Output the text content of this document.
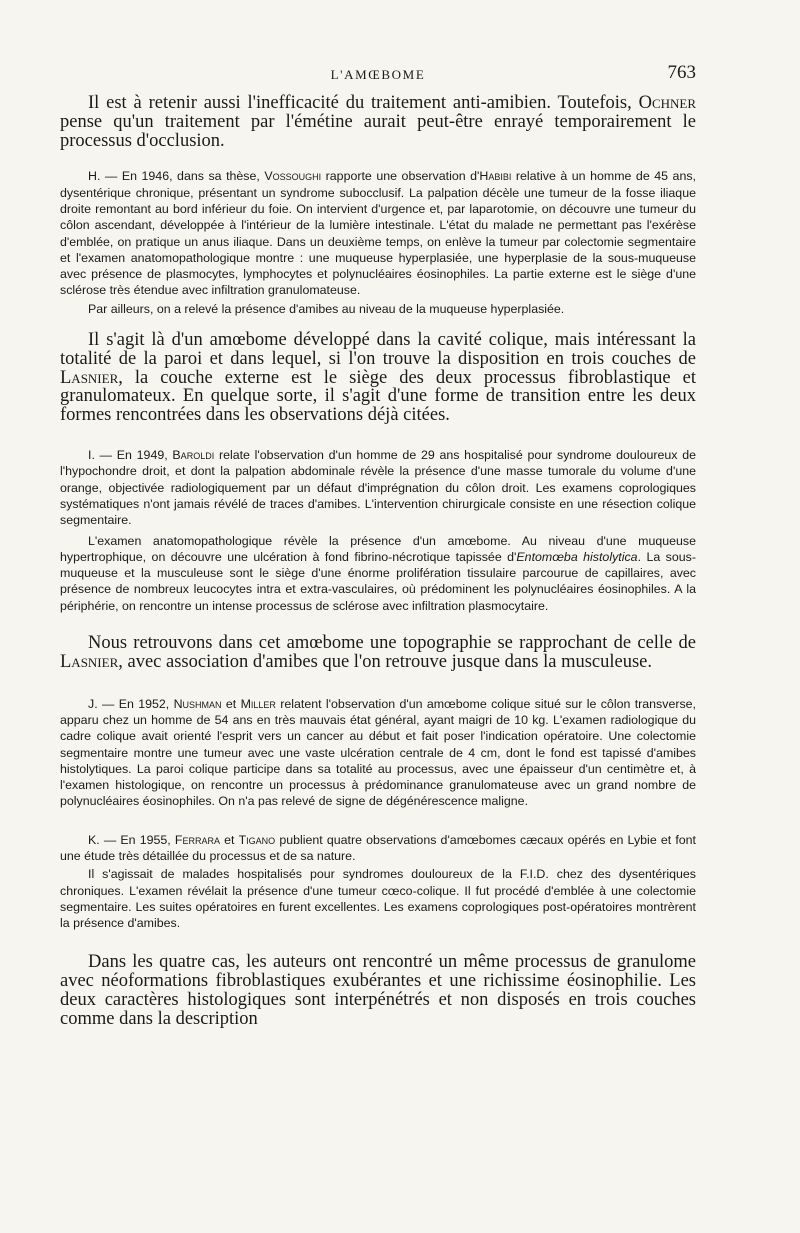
L'AMŒBOME	763

Il est à retenir aussi l'inefficacité du traitement anti-amibien. Toutefois, Ochner pense qu'un traitement par l'émétine aurait peut-être enrayé temporairement le processus d'occlusion.

H. — En 1946, dans sa thèse, Vossoughi rapporte une observation d'Habibi relative à un homme de 45 ans, dysentérique chronique, présentant un syndrome subocclusif. La palpation décèle une tumeur de la fosse iliaque droite remontant au bord inférieur du foie. On intervient d'urgence et, par laparotomie, on découvre une tumeur du côlon ascendant, développée à l'intérieur de la lumière intestinale. L'état du malade ne permettant pas l'exérèse d'emblée, on pratique un anus iliaque. Dans un deuxième temps, on enlève la tumeur par colectomie segmentaire et l'examen anatomopathologique montre : une muqueuse hyperplasiée, une hyperplasie de la sous-muqueuse avec présence de plasmocytes, lymphocytes et polynucléaires éosinophiles. La partie externe est le siège d'une sclérose très étendue avec infiltration granulomateuse.

Par ailleurs, on a relevé la présence d'amibes au niveau de la muqueuse hyperplasiée.

Il s'agit là d'un amœbome développé dans la cavité colique, mais intéressant la totalité de la paroi et dans lequel, si l'on trouve la disposition en trois couches de Lasnier, la couche externe est le siège des deux processus fibroblastique et granulomateux. En quelque sorte, il s'agit d'une forme de transition entre les deux formes rencontrées dans les observations déjà citées.

I. — En 1949, Baroldi relate l'observation d'un homme de 29 ans hospitalisé pour syndrome douloureux de l'hypochondre droit, et dont la palpation abdominale révèle la présence d'une masse tumorale du volume d'une orange, objectivée radiologiquement par un défaut d'imprégnation du côlon droit. Les examens coprologiques systématiques n'ont jamais révélé de traces d'amibes. L'intervention chirurgicale consiste en une résection colique segmentaire.

L'examen anatomopathologique révèle la présence d'un amœbome. Au niveau d'une muqueuse hypertrophique, on découvre une ulcération à fond fibrino-nécrotique tapissée d'Entomœba histolytica. La sous-muqueuse et la musculeuse sont le siège d'une énorme prolifération tissulaire parcourue de capillaires, avec présence de nombreux leucocytes intra et extra-vasculaires, où prédominent les polynucléaires éosinophiles. A la périphérie, on rencontre un intense processus de sclérose avec infiltration plasmocytaire.

Nous retrouvons dans cet amœbome une topographie se rapprochant de celle de Lasnier, avec association d'amibes que l'on retrouve jusque dans la musculeuse.

J. — En 1952, Nushman et Miller relatent l'observation d'un amœbome colique situé sur le côlon transverse, apparu chez un homme de 54 ans en très mauvais état général, ayant maigri de 10 kg. L'examen radiologique du cadre colique avait orienté l'esprit vers un cancer au début et fait poser l'indication opératoire. Une colectomie segmentaire montre une tumeur avec une vaste ulcération centrale de 4 cm, dont le fond est tapissé d'amibes histolytiques. La paroi colique participe dans sa totalité au processus, avec une épaisseur d'un centimètre et, à l'examen histologique, on rencontre un processus à prédominance granulomateuse avec un grand nombre de polynucléaires éosinophiles. On n'a pas relevé de signe de dégénérescence maligne.

K. — En 1955, Ferrara et Tigano publient quatre observations d'amœbomes cæcaux opérés en Lybie et font une étude très détaillée du processus et de sa nature.

Il s'agissait de malades hospitalisés pour syndromes douloureux de la F.I.D. chez des dysentériques chroniques. L'examen révélait la présence d'une tumeur cœco-colique. Il fut procédé d'emblée à une colectomie segmentaire. Les suites opératoires en furent excellentes. Les examens coprologiques post-opératoires montrèrent la présence d'amibes.

Dans les quatre cas, les auteurs ont rencontré un même processus de granulome avec néoformations fibroblastiques exubérantes et une richissime éosinophilie. Les deux caractères histologiques sont interpénétrés et non disposés en trois couches comme dans la description
